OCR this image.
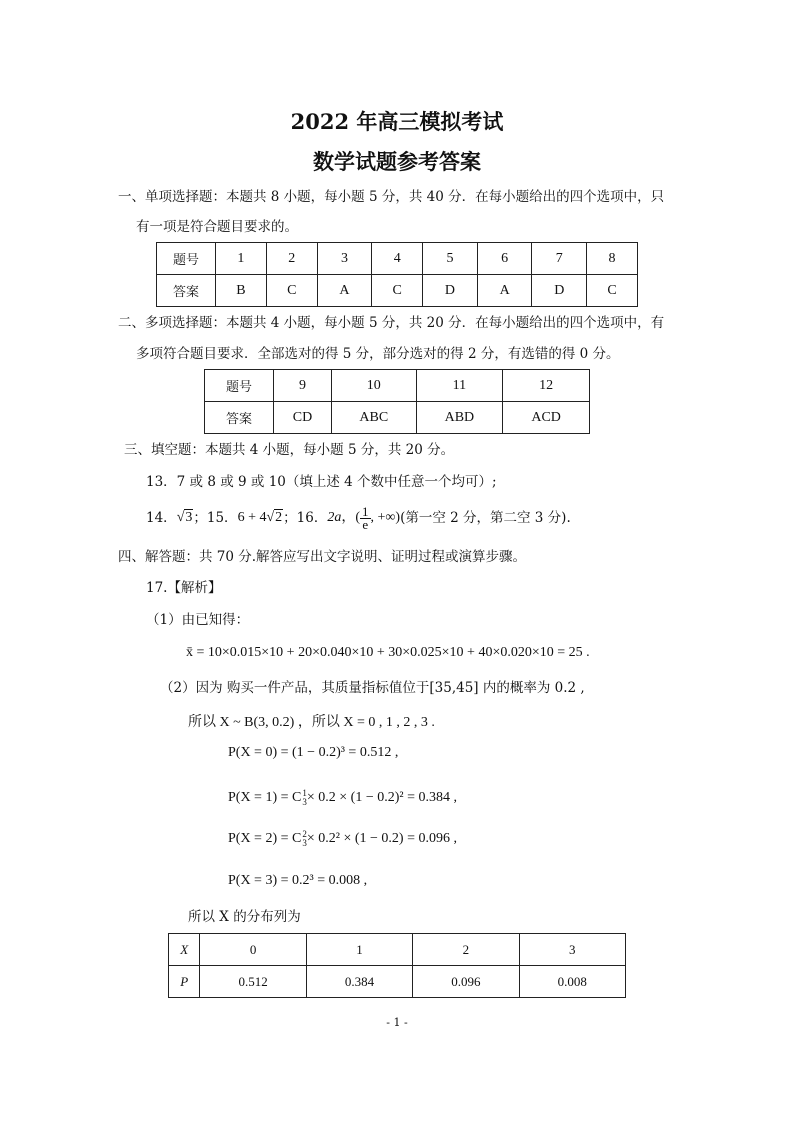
2022 年高三模拟考试
数学试题参考答案
一、单项选择题：本题共 8 小题，每小题 5 分，共 40 分．在每小题给出的四个选项中，只
有一项是符合题目要求的。
题号	1	2	3	4	5	6	7	8
答案	B	C	A	C	D	A	D	C
二、多项选择题：本题共 4 小题，每小题 5 分，共 20 分．在每小题给出的四个选项中，有
多项符合题目要求．全部选对的得 5 分，部分选对的得 2 分，有选错的得 0 分。
题号	9	10	11	12
答案	CD	ABC	ABD	ACD
三、填空题：本题共 4 小题，每小题 5 分，共 20 分。
13．7 或 8 或 9 或 10（填上述 4 个数中任意一个均可）;
14． √3 ；15． 6 + 4√2 ；16． 2a ，( $\frac{1}{e}$ , +∞) (第一空 2 分，第二空 3 分).
四、解答题：共 70 分.解答应写出文字说明、证明过程或演算步骤。
17.【解析】
（1）由已知得：
x̄ = 10×0.015×10 + 20×0.040×10 + 30×0.025×10 + 40×0.020×10 = 25 .
（2）因为 购买一件产品，其质量指标值位于[35,45] 内的概率为 0.2 ,
所以 X ~ B(3, 0.2) ，所以 X = 0 , 1 , 2 , 3 .
P(X = 0) = (1 − 0.2)³ = 0.512 ,
P(X = 1) = C 1
3 × 0.2 × (1 − 0.2)² = 0.384 ,
P(X = 2) = C 2
3 × 0.2² × (1 − 0.2) = 0.096 ,
P(X = 3) = 0.2³ = 0.008 ,
所以 X 的分布列为
X	0	1	2	3
P	0.512	0.384	0.096	0.008
- 1 -
